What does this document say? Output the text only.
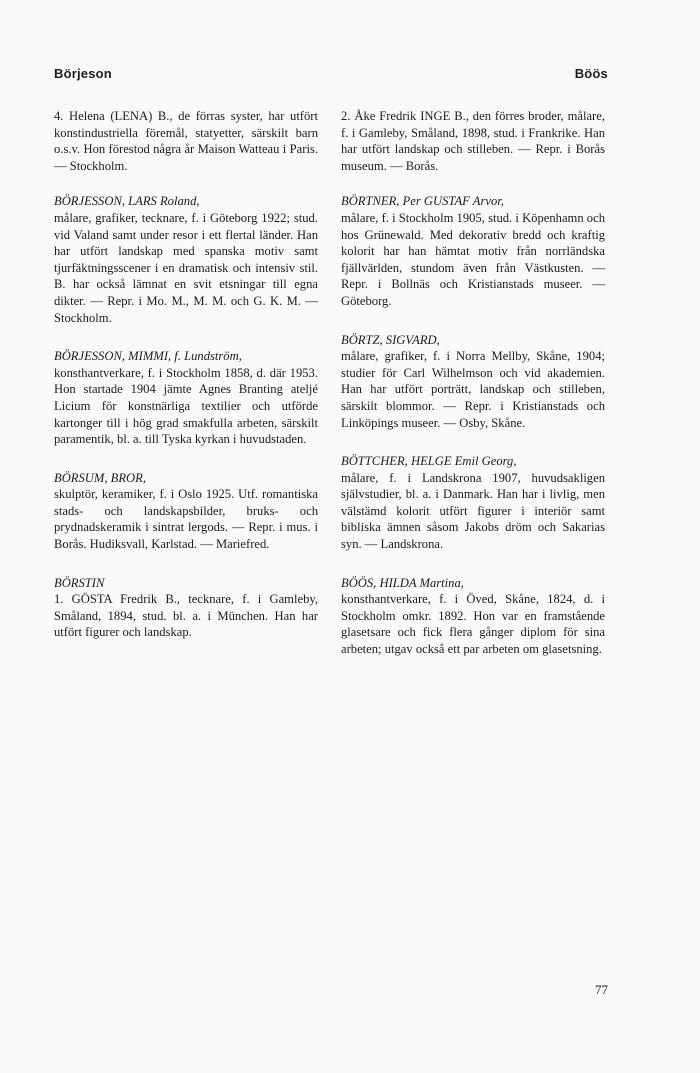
Börjeson	Böös
4. Helena (LENA) B., de förras syster, har utfört konstindustriella föremål, statyetter, särskilt barn o.s.v. Hon förestod några år Maison Watteau i Paris. — Stockholm.
BÖRJESSON, LARS Roland,
målare, grafiker, tecknare, f. i Göteborg 1922; stud. vid Valand samt under resor i ett flertal länder. Han har utfört landskap med spanska motiv samt tjurfäktningsscener i en dramatisk och intensiv stil. B. har också lämnat en svit etsningar till egna dikter. — Repr. i Mo. M., M. M. och G. K. M. — Stockholm.
BÖRJESSON, MIMMI, f. Lundström,
konsthantverkare, f. i Stockholm 1858, d. där 1953. Hon startade 1904 jämte Agnes Branting ateljé Licium för konstnärliga textilier och utförde kartonger till i hög grad smakfulla arbeten, särskilt paramentik, bl. a. till Tyska kyrkan i huvudstaden.
BÖRSUM, BROR,
skulptör, keramiker, f. i Oslo 1925. Utf. romantiska stads- och landskapsbilder, bruks- och prydnadskeramik i sintrat lergods. — Repr. i mus. i Borås. Hudiksvall, Karlstad. — Mariefred.
BÖRSTIN
1. GÖSTA Fredrik B., tecknare, f. i Gamleby, Småland, 1894, stud. bl. a. i München. Han har utfört figurer och landskap.
2. Åke Fredrik INGE B., den förres broder, målare, f. i Gamleby, Småland, 1898, stud. i Frankrike. Han har utfört landskap och stilleben. — Repr. i Borås museum. — Borås.
BÖRTNER, Per GUSTAF Arvor,
målare, f. i Stockholm 1905, stud. i Köpenhamn och hos Grünewald. Med dekorativ bredd och kraftig kolorit har han hämtat motiv från norrländska fjällvärlden, stundom även från Västkusten. — Repr. i Bollnäs och Kristianstads museer. — Göteborg.
BÖRTZ, SIGVARD,
målare, grafiker, f. i Norra Mellby, Skåne, 1904; studier för Carl Wilhelmson och vid akademien. Han har utfört porträtt, landskap och stilleben, särskilt blommor. — Repr. i Kristianstads och Linköpings museer. — Osby, Skåne.
BÖTTCHER, HELGE Emil Georg,
målare, f. i Landskrona 1907, huvudsakligen självstudier, bl. a. i Danmark. Han har i livlig, men välstämd kolorit utfört figurer i interiör samt bibliska ämnen såsom Jakobs dröm och Sakarias syn. — Landskrona.
BÖÖS, HILDA Martina,
konsthantverkare, f. i Öved, Skåne, 1824, d. i Stockholm omkr. 1892. Hon var en framstående glasetsare och fick flera gånger diplom för sina arbeten; utgav också ett par arbeten om glasetsning.
77
